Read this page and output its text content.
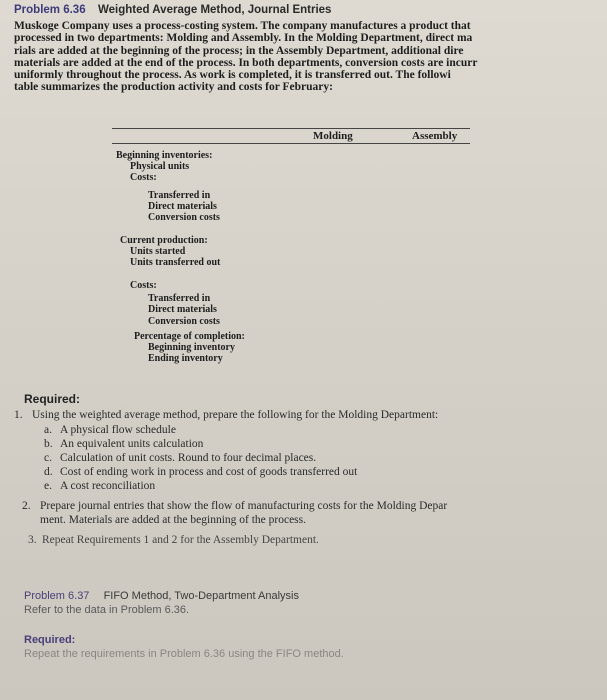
Problem 6.36 Weighted Average Method, Journal Entries
Muskoge Company uses a process-costing system. The company manufactures a product that
processed in two departments: Molding and Assembly. In the Molding Department, direct ma
rials are added at the beginning of the process; in the Assembly Department, additional dire
materials are added at the end of the process. In both departments, conversion costs are incurr
uniformly throughout the process. As work is completed, it is transferred out. The followi
table summarizes the production activity and costs for February:
Molding	Assembly
Beginning inventories:
Physical units
Costs:
Transferred in
Direct materials
Conversion costs
Current production:
Units started
Units transferred out
Costs:
Transferred in
Direct materials
Conversion costs
Percentage of completion:
Beginning inventory
Ending inventory
Required:
1. Using the weighted average method, prepare the following for the Molding Department:
a. A physical flow schedule
b. An equivalent units calculation
c. Calculation of unit costs. Round to four decimal places.
d. Cost of ending work in process and cost of goods transferred out
e. A cost reconciliation
2. Prepare journal entries that show the flow of manufacturing costs for the Molding Depar
ment. Materials are added at the beginning of the process.
3. Repeat Requirements 1 and 2 for the Assembly Department.
Problem 6.37 FIFO Method, Two-Department Analysis
Refer to the data in Problem 6.36.
Required:
Repeat the requirements in Problem 6.36 using the FIFO method.
